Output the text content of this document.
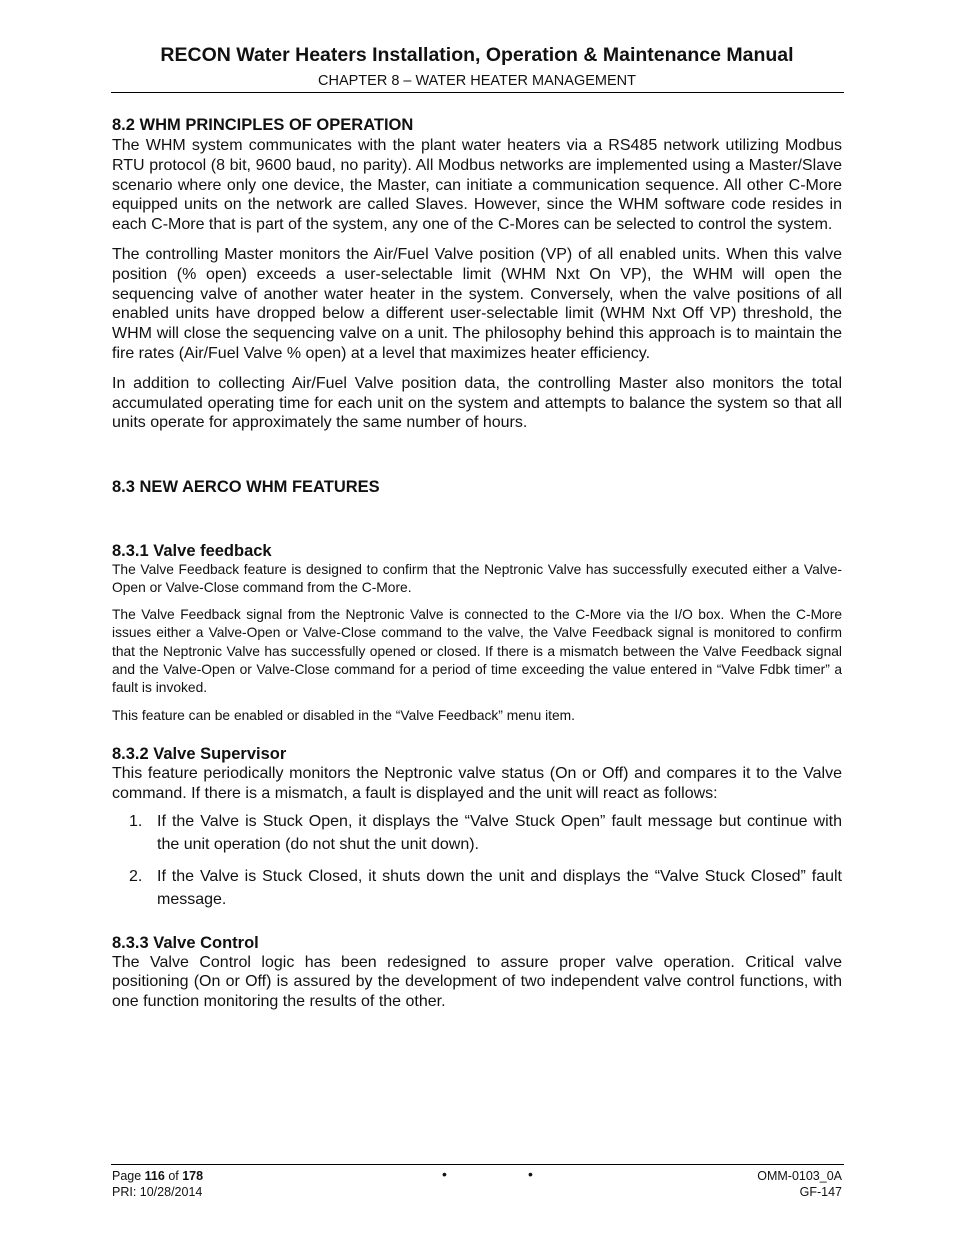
RECON Water Heaters Installation, Operation & Maintenance Manual
CHAPTER 8 – WATER HEATER MANAGEMENT
8.2 WHM PRINCIPLES OF OPERATION

The WHM system communicates with the plant water heaters via a RS485 network utilizing Modbus RTU protocol (8 bit, 9600 baud, no parity). All Modbus networks are implemented using a Master/Slave scenario where only one device, the Master, can initiate a communication sequence. All other C-More equipped units on the network are called Slaves. However, since the WHM software code resides in each C-More that is part of the system, any one of the C-Mores can be selected to control the system.

The controlling Master monitors the Air/Fuel Valve position (VP) of all enabled units. When this valve position (% open) exceeds a user-selectable limit (WHM Nxt On VP), the WHM will open the sequencing valve of another water heater in the system. Conversely, when the valve positions of all enabled units have dropped below a different user-selectable limit (WHM Nxt Off VP) threshold, the WHM will close the sequencing valve on a unit. The philosophy behind this approach is to maintain the fire rates (Air/Fuel Valve % open) at a level that maximizes heater efficiency.

In addition to collecting Air/Fuel Valve position data, the controlling Master also monitors the total accumulated operating time for each unit on the system and attempts to balance the system so that all units operate for approximately the same number of hours.

8.3 NEW AERCO WHM FEATURES
8.3.1 Valve feedback

The Valve Feedback feature is designed to confirm that the Neptronic Valve has successfully executed either a Valve-Open or Valve-Close command from the C-More.

The Valve Feedback signal from the Neptronic Valve is connected to the C-More via the I/O box. When the C-More issues either a Valve-Open or Valve-Close command to the valve, the Valve Feedback signal is monitored to confirm that the Neptronic Valve has successfully opened or closed. If there is a mismatch between the Valve Feedback signal and the Valve-Open or Valve-Close command for a period of time exceeding the value entered in “Valve Fdbk timer” a fault is invoked.

This feature can be enabled or disabled in the “Valve Feedback” menu item.

8.3.2 Valve Supervisor

This feature periodically monitors the Neptronic valve status (On or Off) and compares it to the Valve command. If there is a mismatch, a fault is displayed and the unit will react as follows:

1. If the Valve is Stuck Open, it displays the “Valve Stuck Open” fault message but continue with the unit operation (do not shut the unit down).
2. If the Valve is Stuck Closed, it shuts down the unit and displays the “Valve Stuck Closed” fault message.
8.3.3 Valve Control

The Valve Control logic has been redesigned to assure proper valve operation. Critical valve positioning (On or Off) is assured by the development of two independent valve control functions, with one function monitoring the results of the other.

Page 116 of 178
PRI: 10/28/2014
•	•	OMM-0103_0A
GF-147
